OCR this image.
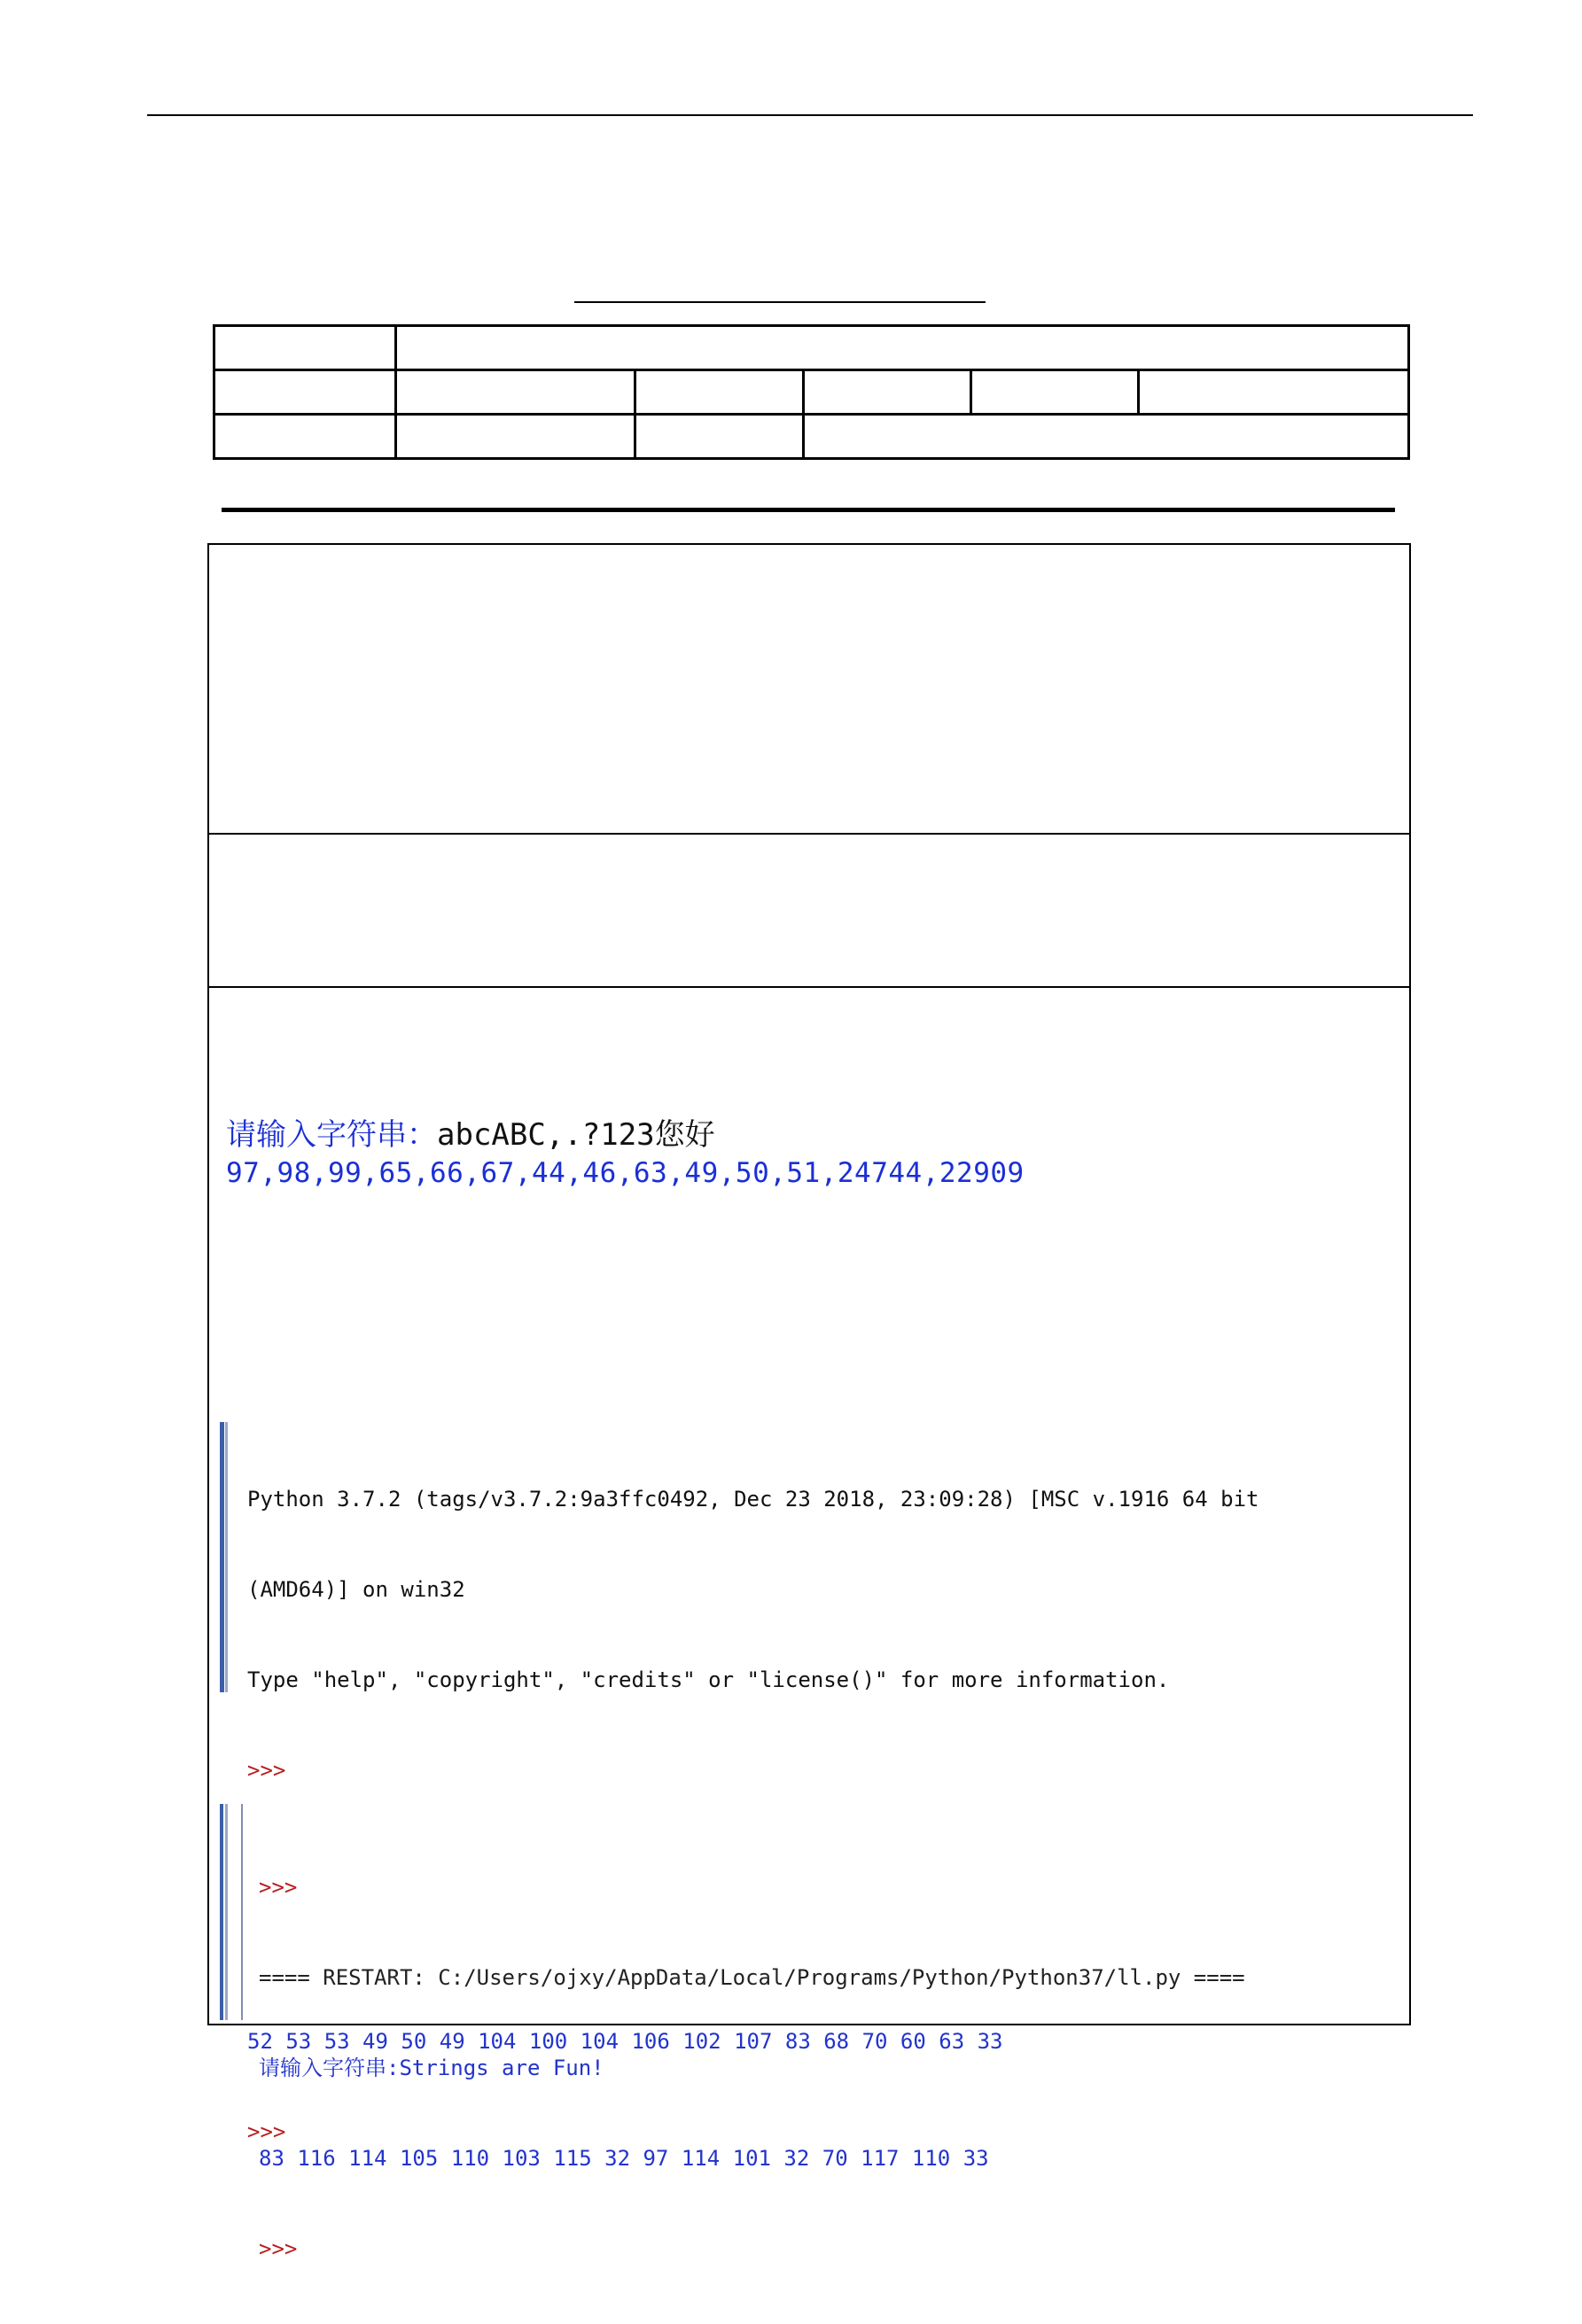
请输入字符串：abcABC,.?123您好
97,98,99,65,66,67,44,46,63,49,50,51,24744,22909

Python 3.7.2 (tags/v3.7.2:9a3ffc0492, Dec 23 2018, 23:09:28) [MSC v.1916 64 bit

(AMD64)] on win32

Type "help", "copyright", "credits" or "license()" for more information.

>>>

52 53 53 49 50 49 104 100 104 106 102 107 83 68 70 60 63 33

>>>

>>>

==== RESTART: C:/Users/ojxy/AppData/Local/Programs/Python/Python37/ll.py ====

请输入字符串:Strings are Fun!

83 116 114 105 110 103 115 32 97 114 101 32 70 117 110 33

>>>
